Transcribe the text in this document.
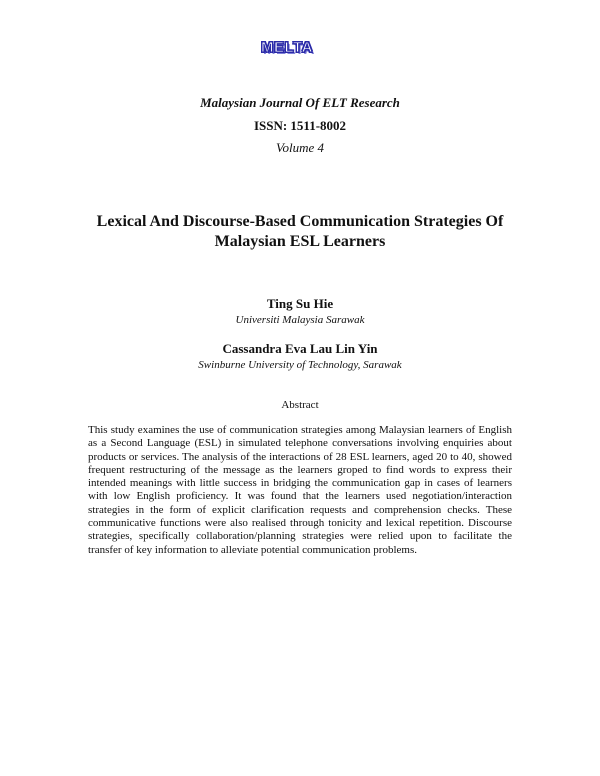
MELTA
Malaysian Journal Of ELT Research
ISSN: 1511-8002
Volume 4
Lexical And Discourse-Based Communication Strategies Of
Malaysian ESL Learners
Ting Su Hie
Universiti Malaysia Sarawak
Cassandra Eva Lau Lin Yin
Swinburne University of Technology, Sarawak
Abstract
This study examines the use of communication strategies among Malaysian learners of English as a Second Language (ESL) in simulated telephone conversations involving enquiries about products or services. The analysis of the interactions of 28 ESL learners, aged 20 to 40, showed frequent restructuring of the message as the learners groped to find words to express their intended meanings with little success in bridging the communication gap in cases of learners with low English proficiency. It was found that the learners used negotiation/interaction strategies in the form of explicit clarification requests and comprehension checks. These communicative functions were also realised through tonicity and lexical repetition. Discourse strategies, specifically collaboration/planning strategies were relied upon to facilitate the transfer of key information to alleviate potential communication problems.
